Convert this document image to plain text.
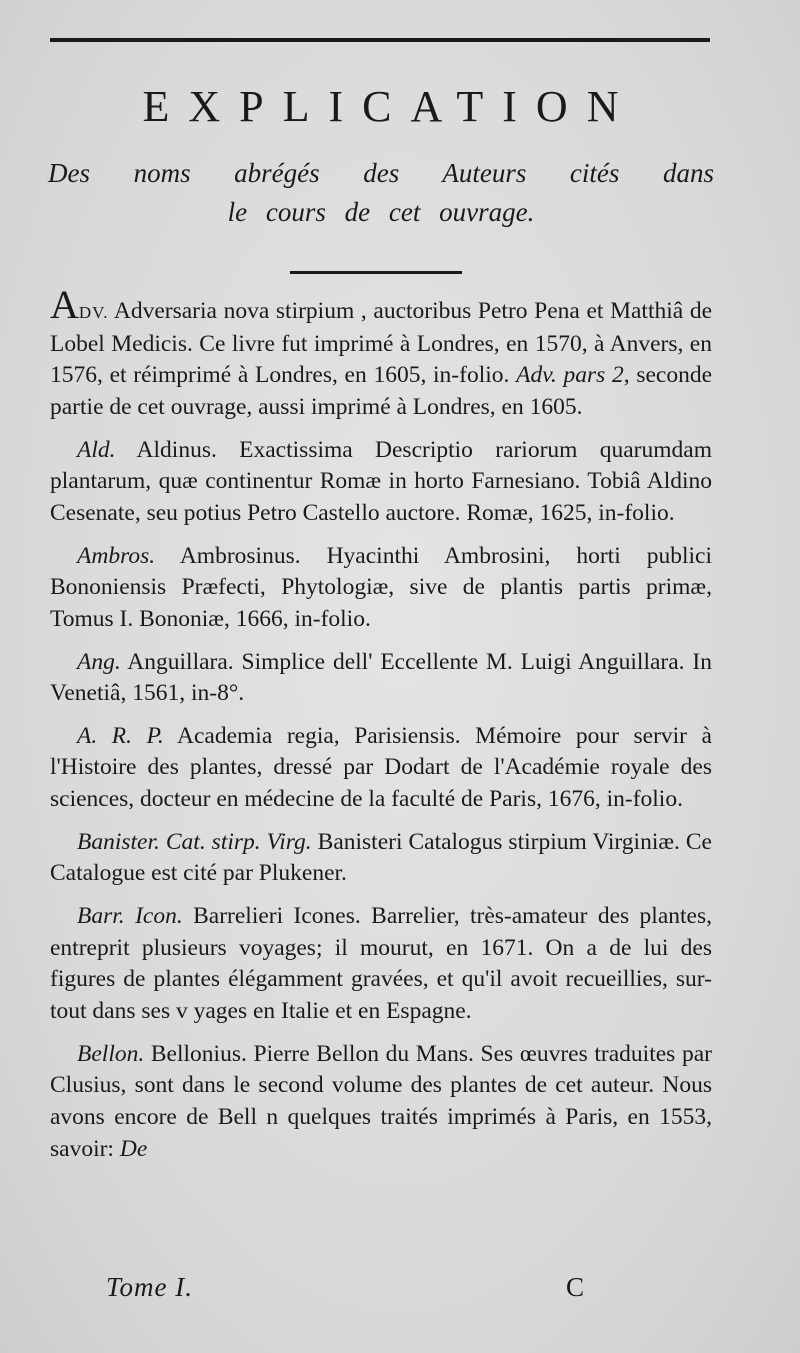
EXPLICATION
Des noms abrégés des Auteurs cités dans
le cours de cet ouvrage.

ADV. Adversaria nova stirpium , auctoribus Petro Pena et Matthiâ de Lobel Medicis. Ce livre fut imprimé à Londres, en 1570, à Anvers, en 1576, et réimprimé à Londres, en 1605, in-folio. Adv. pars 2, seconde partie de cet ouvrage, aussi imprimé à Londres, en 1605.

Ald. Aldinus. Exactissima Descriptio rariorum quarumdam plantarum, quæ continentur Romæ in horto Farnesiano. Tobiâ Aldino Cesenate, seu potius Petro Castello auctore. Romæ, 1625, in-folio.

Ambros. Ambrosinus. Hyacinthi Ambrosini, horti publici Bononiensis Præfecti, Phytologiæ, sive de plantis partis primæ, Tomus I. Bononiæ, 1666, in-folio.

Ang. Anguillara. Simplice dell' Eccellente M. Luigi Anguillara. In Venetiâ, 1561, in-8°.

A. R. P. Academia regia, Parisiensis. Mémoire pour servir à l'Histoire des plantes, dressé par Dodart de l'Académie royale des sciences, docteur en médecine de la faculté de Paris, 1676, in-folio.

Banister. Cat. stirp. Virg. Banisteri Catalogus stirpium Virginiæ. Ce Catalogue est cité par Plukener.

Barr. Icon. Barrelieri Icones. Barrelier, très-amateur des plantes, entreprit plusieurs voyages; il mourut, en 1671. On a de lui des figures de plantes élégamment gravées, et qu'il avoit recueillies, sur-tout dans ses v yages en Italie et en Espagne.

Bellon. Bellonius. Pierre Bellon du Mans. Ses œuvres traduites par Clusius, sont dans le second volume des plantes de cet auteur. Nous avons encore de Bell n quelques traités imprimés à Paris, en 1553, savoir: De

Tome I.	C
